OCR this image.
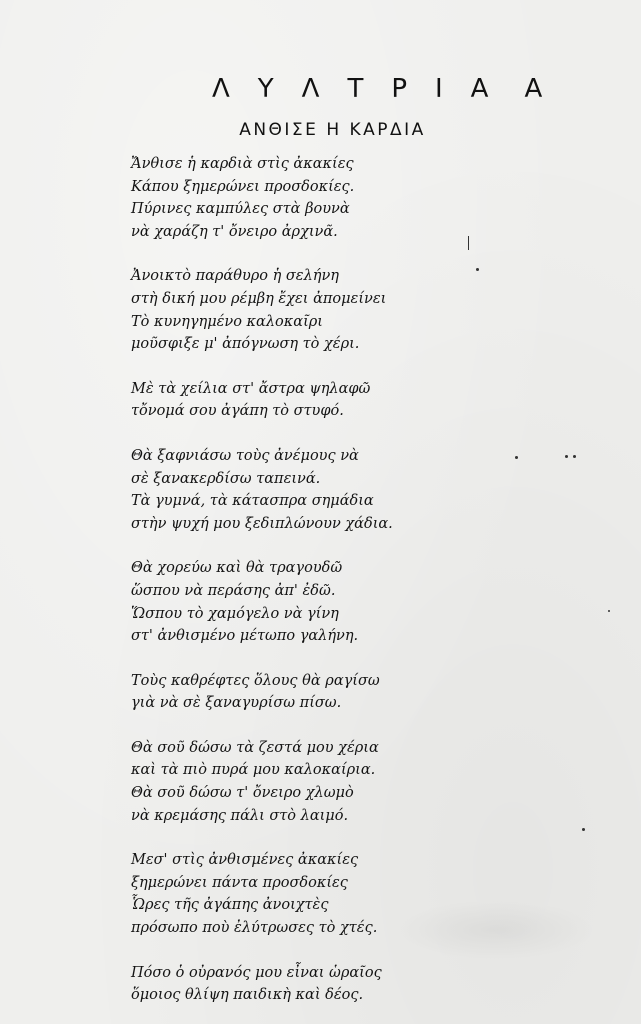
ΛΥΛΤΡΙΑ Α
ΑΝΘΙΣΕ Η ΚΑΡΔΙΑ
Ἄνθισε ἡ καρδιὰ στὶς ἀκακίες
Κάπου ξημερώνει προσδοκίες.
Πύρινες καμπύλες στὰ βουνὰ
νὰ χαράζη τ' ὄνειρο ἀρχινᾶ.
Ἀνοικτὸ παράθυρο ἡ σελήνη
στὴ δική μου ρέμβη ἔχει ἀπομείνει
Τὸ κυνηγημένο καλοκαῖρι
μοῦσφιξε μ' ἀπόγνωση τὸ χέρι.
Μὲ τὰ χείλια στ' ἄστρα ψηλαφῶ
τὄνομά σου ἀγάπη τὸ στυφό.
Θὰ ξαφνιάσω τοὺς ἀνέμους νὰ
σὲ ξανακερδίσω ταπεινά.
Τὰ γυμνά, τὰ κάτασπρα σημάδια
στὴν ψυχή μου ξεδιπλώνουν χάδια.
Θὰ χορεύω καὶ θὰ τραγουδῶ
ὥσπου νὰ περάσης ἀπ' ἐδῶ.
Ὥσπου τὸ χαμόγελο νὰ γίνη
στ' ἀνθισμένο μέτωπο γαλήνη.
Τοὺς καθρέφτες ὅλους θὰ ραγίσω
γιὰ νὰ σὲ ξαναγυρίσω πίσω.
Θὰ σοῦ δώσω τὰ ζεστά μου χέρια
καὶ τὰ πιὸ πυρά μου καλοκαίρια.
Θὰ σοῦ δώσω τ' ὄνειρο χλωμὸ
νὰ κρεμάσης πάλι στὸ λαιμό.
Μεσ' στὶς ἀνθισμένες ἀκακίες
ξημερώνει πάντα προσδοκίες
Ὧρες τῆς ἀγάπης ἀνοιχτὲς
πρόσωπο ποὺ ἐλύτρωσες τὸ χτές.
Πόσο ὁ οὐρανός μου εἶναι ὡραῖος
ὅμοιος θλίψη παιδικὴ καὶ δέος.
